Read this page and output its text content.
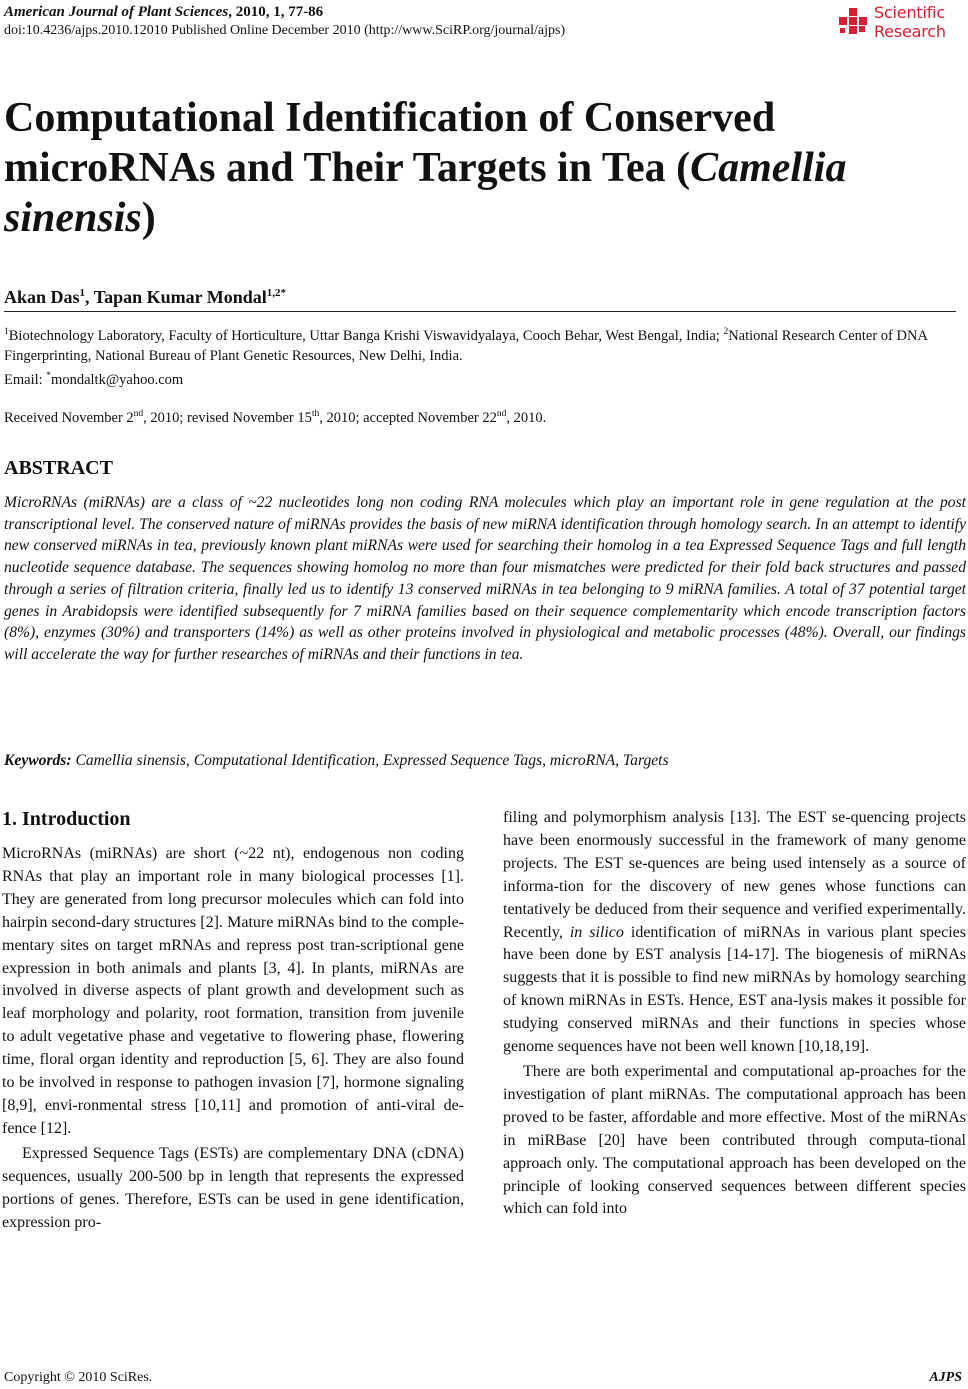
American Journal of Plant Sciences, 2010, 1, 77-86
doi:10.4236/ajps.2010.12010 Published Online December 2010 (http://www.SciRP.org/journal/ajps)
Scientific
Research
Computational Identification of Conserved microRNAs and Their Targets in Tea (Camellia sinensis)
Akan Das$^1$, Tapan Kumar Mondal$^{1,2*}$
$^1$Biotechnology Laboratory, Faculty of Horticulture, Uttar Banga Krishi Viswavidyalaya, Cooch Behar, West Bengal, India; $^2$National Research Center of DNA Fingerprinting, National Bureau of Plant Genetic Resources, New Delhi, India.
Email: *mondaltk@yahoo.com
Received November 2nd, 2010; revised November 15th, 2010; accepted November 22nd, 2010.
ABSTRACT
MicroRNAs (miRNAs) are a class of ~22 nucleotides long non coding RNA molecules which play an important role in gene regulation at the post transcriptional level. The conserved nature of miRNAs provides the basis of new miRNA identification through homology search. In an attempt to identify new conserved miRNAs in tea, previously known plant miRNAs were used for searching their homolog in a tea Expressed Sequence Tags and full length nucleotide sequence database. The sequences showing homolog no more than four mismatches were predicted for their fold back structures and passed through a series of filtration criteria, finally led us to identify 13 conserved miRNAs in tea belonging to 9 miRNA families. A total of 37 potential target genes in Arabidopsis were identified subsequently for 7 miRNA families based on their sequence complementarity which encode transcription factors (8%), enzymes (30%) and transporters (14%) as well as other proteins involved in physiological and metabolic processes (48%). Overall, our findings will accelerate the way for further researches of miRNAs and their functions in tea.
Keywords: Camellia sinensis, Computational Identification, Expressed Sequence Tags, microRNA, Targets
1. Introduction

MicroRNAs (miRNAs) are short (~22 nt), endogenous non coding RNAs that play an important role in many biological processes [1]. They are generated from long precursor molecules which can fold into hairpin second-dary structures [2]. Mature miRNAs bind to the comple-mentary sites on target mRNAs and repress post tran-scriptional gene expression in both animals and plants [3, 4]. In plants, miRNAs are involved in diverse aspects of plant growth and development such as leaf morphology and polarity, root formation, transition from juvenile to adult vegetative phase and vegetative to flowering phase, flowering time, floral organ identity and reproduction [5, 6]. They are also found to be involved in response to pathogen invasion [7], hormone signaling [8,9], envi-ronmental stress [10,11] and promotion of anti-viral de-fence [12].

Expressed Sequence Tags (ESTs) are complementary DNA (cDNA) sequences, usually 200-500 bp in length that represents the expressed portions of genes. Therefore, ESTs can be used in gene identification, expression pro-

filing and polymorphism analysis [13]. The EST se-quencing projects have been enormously successful in the framework of many genome projects. The EST se-quences are being used intensely as a source of informa-tion for the discovery of new genes whose functions can tentatively be deduced from their sequence and verified experimentally. Recently, in silico identification of miRNAs in various plant species have been done by EST analysis [14-17]. The biogenesis of miRNAs suggests that it is possible to find new miRNAs by homology searching of known miRNAs in ESTs. Hence, EST ana-lysis makes it possible for studying conserved miRNAs and their functions in species whose genome sequences have not been well known [10,18,19].

There are both experimental and computational ap-proaches for the investigation of plant miRNAs. The computational approach has been proved to be faster, affordable and more effective. Most of the miRNAs in miRBase [20] have been contributed through computa-tional approach only. The computational approach has been developed on the principle of looking conserved sequences between different species which can fold into

Copyright © 2010 SciRes.	AJPS
